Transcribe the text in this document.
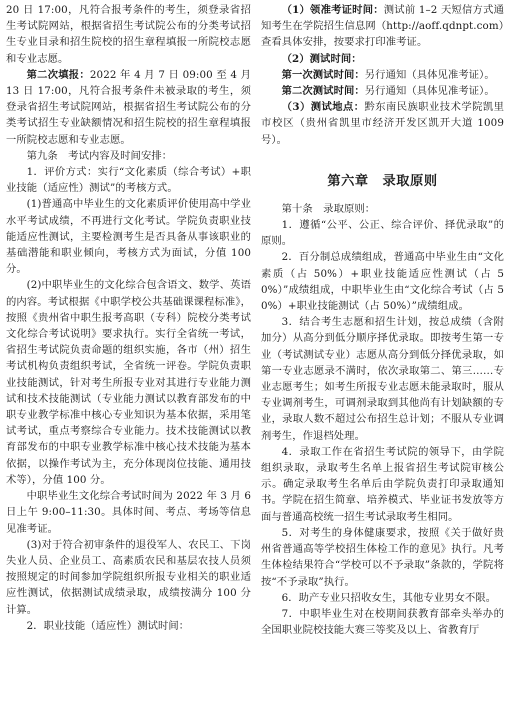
20 日 17:00，凡符合报考条件的考生，须登录省招生考试院网站，根据省招生考试院公布的分类考试招生专业目录和招生院校的招生章程填报一所院校志愿和专业志愿。

第二次填报：2022 年 4 月 7 日 09:00 至 4 月 13 日 17:00，凡符合报考条件未被录取的考生，须登录省招生考试院网站，根据省招生考试院公布的分类考试招生专业缺额情况和招生院校的招生章程填报一所院校志愿和专业志愿。

第九条　考试内容及时间安排：

1．评价方式：实行“文化素质（综合考试）+职业技能（适应性）测试”的考核方式。

(1)普通高中毕业生的文化素质评价使用高中学业水平考试成绩，不再进行文化考试。学院负责职业技能适应性测试，主要检测考生是否具备从事该职业的基础潜能和职业倾向，考核方式为面试，分值 100 分。

(2)中职毕业生的文化综合包含语文、数学、英语的内容。考试根据《中职学校公共基础课课程标准》，按照《贵州省中职生报考高职（专科）院校分类考试文化综合考试说明》要求执行。实行全省统一考试，省招生考试院负责命题的组织实施，各市（州）招生考试机构负责组织考试，全省统一评卷。学院负责职业技能测试，针对考生所报专业对其进行专业能力测试和技术技能测试（专业能力测试以教育部发布的中职专业教学标准中核心专业知识为基本依据，采用笔试考试，重点考察综合专业能力。技术技能测试以教育部发布的中职专业教学标准中核心技术技能为基本依据，以操作考试为主，充分体现岗位技能、通用技术等），分值 100 分。

中职毕业生文化综合考试时间为 2022 年 3 月 6 日上午 9:00–11:30。具体时间、考点、考场等信息见准考证。

(3)对于符合初审条件的退役军人、农民工、下岗失业人员、企业员工、高素质农民和基层农技人员须按照规定的时间参加学院组织所报专业相关的职业适应性测试，依据测试成绩录取，成绩按满分 100 分计算。

2．职业技能（适应性）测试时间：

（1）领准考证时间：测试前 1–2 天短信方式通知考生在学院招生信息网（http://aoff.qdnpt.com）查看具体安排，按要求打印准考证。

（2）测试时间：

第一次测试时间：另行通知（具体见准考证）。

第二次测试时间：另行通知（具体见准考证）。

（3）测试地点：黔东南民族职业技术学院凯里市校区（贵州省凯里市经济开发区凯开大道 1009 号）。

第六章　录取原则

第十条　录取原则：

1．遵循“公平、公正、综合评价、择优录取”的原则。

2．百分制总成绩组成，普通高中毕业生由“文化素质（占 50%）+职业技能适应性测试（占 50%）”成绩组成，中职毕业生由“文化综合考试（占 50%）+职业技能测试（占 50%）”成绩组成。

3．结合考生志愿和招生计划，按总成绩（含附加分）从高分到低分顺序择优录取。即按考生第一专业（考试测试专业）志愿从高分到低分择优录取，如第一专业志愿录不满时，依次录取第二、第三……专业志愿考生；如考生所报专业志愿未能录取时，服从专业调剂考生，可调剂录取到其他尚有计划缺额的专业，录取人数不超过公布招生总计划；不服从专业调剂考生，作退档处理。

4．录取工作在省招生考试院的领导下，由学院组织录取，录取考生名单上报省招生考试院审核公示。确定录取考生名单后由学院负责打印录取通知书。学院在招生简章、培养模式、毕业证书发放等方面与普通高校统一招生考试录取考生相同。

5．对考生的身体健康要求，按照《关于做好贵州省普通高等学校招生体检工作的意见》执行。凡考生体检结果符合“学校可以不予录取”条款的，学院将按“不予录取”执行。

6．助产专业只招收女生，其他专业男女不限。

7．中职毕业生对在校期间获教育部牵头举办的全国职业院校技能大赛三等奖及以上、省教育厅
